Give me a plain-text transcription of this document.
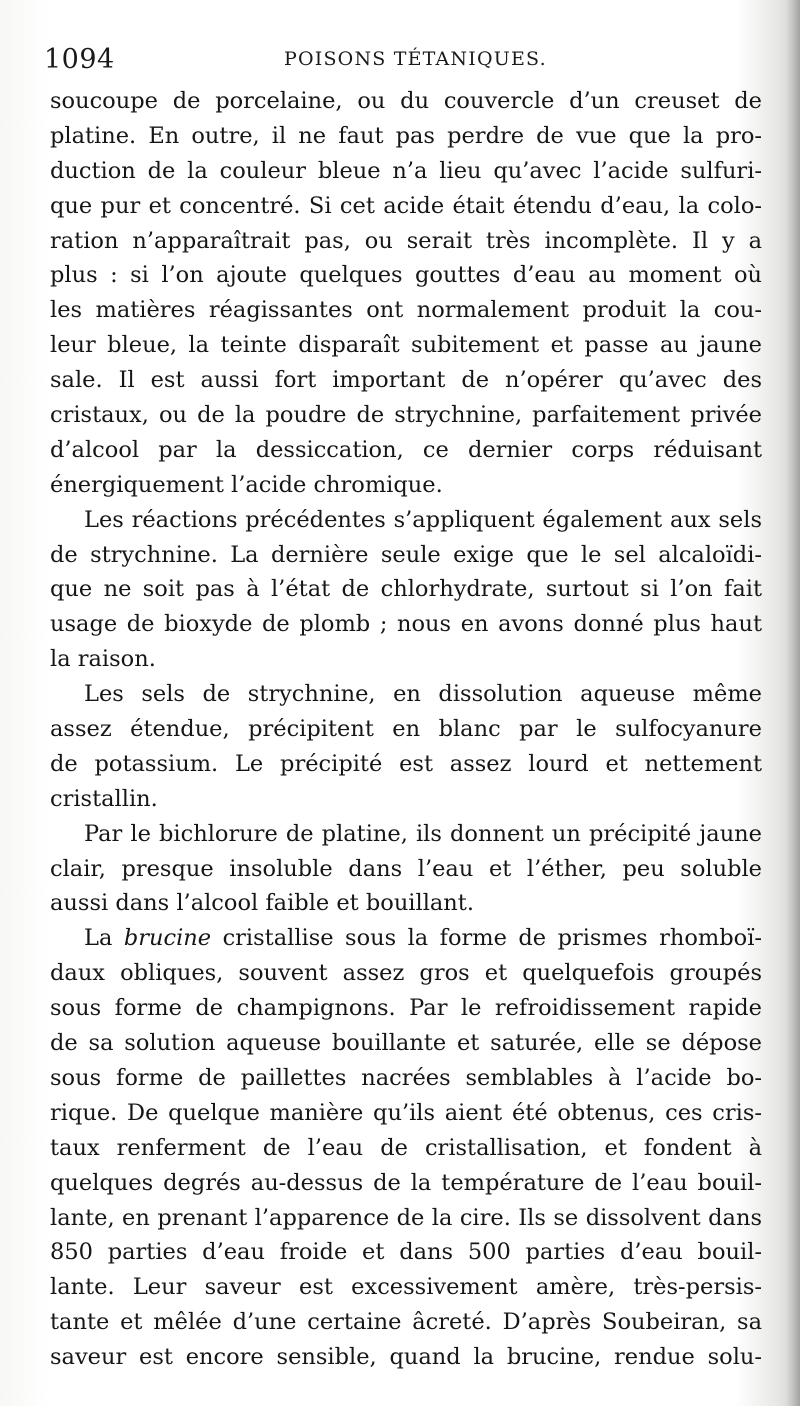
1094	POISONS TÉTANIQUES.
soucoupe de porcelaine, ou du couvercle d’un creuset de
platine. En outre, il ne faut pas perdre de vue que la pro-
duction de la couleur bleue n’a lieu qu’avec l’acide sulfuri-
que pur et concentré. Si cet acide était étendu d’eau, la colo-
ration n’apparaîtrait pas, ou serait très incomplète. Il y a
plus : si l’on ajoute quelques gouttes d’eau au moment où
les matières réagissantes ont normalement produit la cou-
leur bleue, la teinte disparaît subitement et passe au jaune
sale. Il est aussi fort important de n’opérer qu’avec des
cristaux, ou de la poudre de strychnine, parfaitement privée
d’alcool par la dessiccation, ce dernier corps réduisant
énergiquement l’acide chromique.
Les réactions précédentes s’appliquent également aux sels
de strychnine. La dernière seule exige que le sel alcaloïdi-
que ne soit pas à l’état de chlorhydrate, surtout si l’on fait
usage de bioxyde de plomb ; nous en avons donné plus haut
la raison.
Les sels de strychnine, en dissolution aqueuse même
assez étendue, précipitent en blanc par le sulfocyanure
de potassium. Le précipité est assez lourd et nettement
cristallin.
Par le bichlorure de platine, ils donnent un précipité jaune
clair, presque insoluble dans l’eau et l’éther, peu soluble
aussi dans l’alcool faible et bouillant.
La brucine cristallise sous la forme de prismes rhomboï-
daux obliques, souvent assez gros et quelquefois groupés
sous forme de champignons. Par le refroidissement rapide
de sa solution aqueuse bouillante et saturée, elle se dépose
sous forme de paillettes nacrées semblables à l’acide bo-
rique. De quelque manière qu’ils aient été obtenus, ces cris-
taux renferment de l’eau de cristallisation, et fondent à
quelques degrés au-dessus de la température de l’eau bouil-
lante, en prenant l’apparence de la cire. Ils se dissolvent dans
850 parties d’eau froide et dans 500 parties d’eau bouil-
lante. Leur saveur est excessivement amère, très-persis-
tante et mêlée d’une certaine âcreté. D’après Soubeiran, sa
saveur est encore sensible, quand la brucine, rendue solu-
